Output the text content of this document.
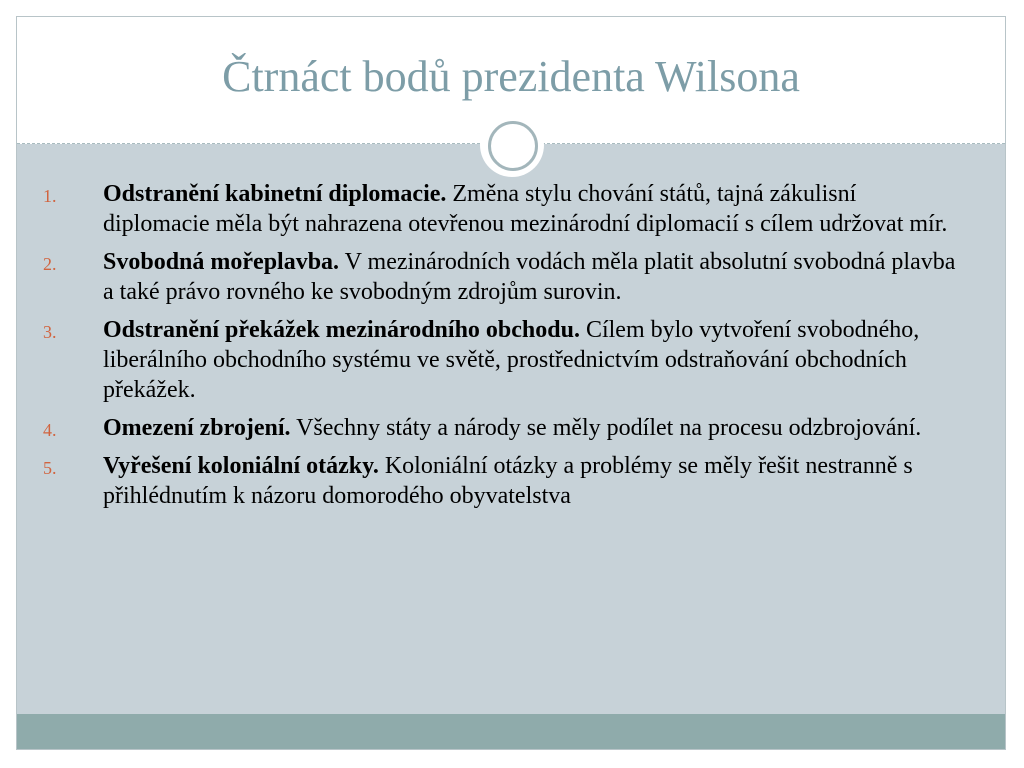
Čtrnáct bodů prezidenta Wilsona
1. Odstranění kabinetní diplomacie. Změna stylu chování států, tajná zákulisní diplomacie měla být nahrazena otevřenou mezinárodní diplomacií s cílem udržovat mír.
2. Svobodná mořeplavba. V mezinárodních vodách měla platit absolutní svobodná plavba a také právo rovného ke svobodným zdrojům surovin.
3. Odstranění překážek mezinárodního obchodu. Cílem bylo vytvoření svobodného, liberálního obchodního systému ve světě, prostřednictvím odstraňování obchodních překážek.
4. Omezení zbrojení. Všechny státy a národy se měly podílet na procesu odzbrojování.
5. Vyřešení koloniální otázky. Koloniální otázky a problémy se měly řešit nestranně s přihlédnutím k názoru domorodého obyvatelstva
